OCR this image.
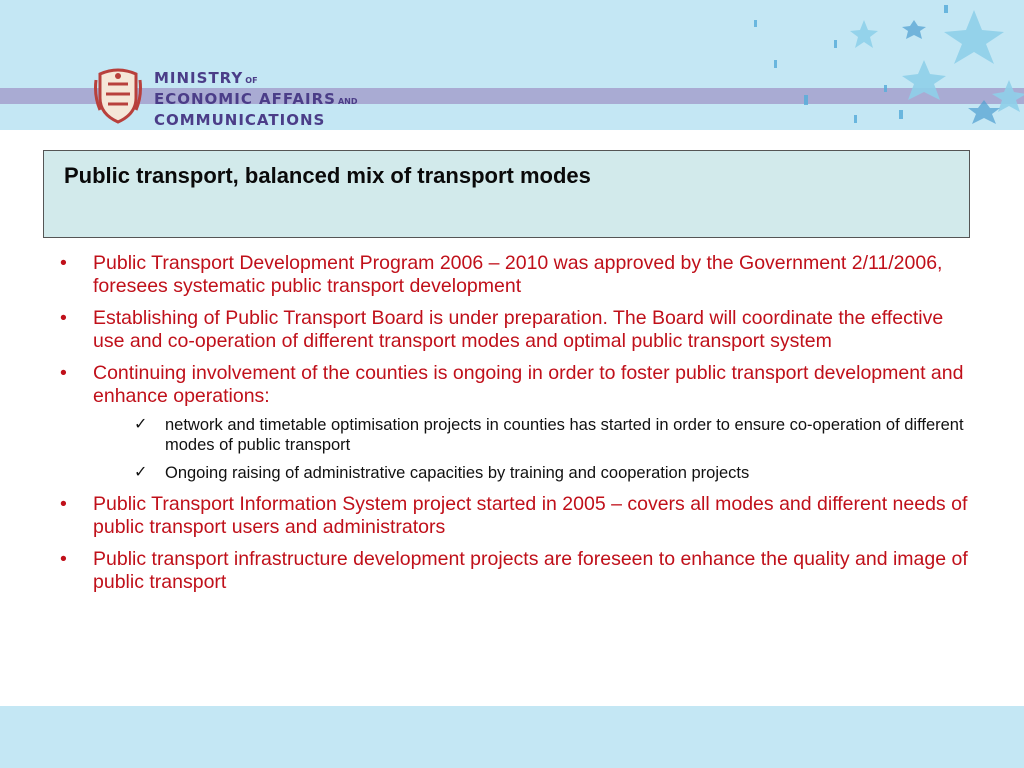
MINISTRY $^{OF}$
ECONOMIC AFFAIRS $^{AND}$
COMMUNICATIONS
Public transport, balanced mix of transport modes
• Public Transport Development Program 2006 – 2010 was approved by the Government 2/11/2006, foresees systematic public transport development
• Establishing of Public Transport Board is under preparation. The Board will coordinate the effective use and co-operation of different transport modes and optimal public transport system
• Continuing involvement of the counties is ongoing in order to foster public transport development and enhance operations:
✓ network and timetable optimisation projects in counties has started in order to ensure co-operation of different modes of public transport
✓ Ongoing raising of administrative capacities by training and cooperation projects
• Public Transport Information System project started in 2005 – covers all modes and different needs of public transport users and administrators
• Public transport infrastructure development projects are foreseen to enhance the quality and image of public transport
